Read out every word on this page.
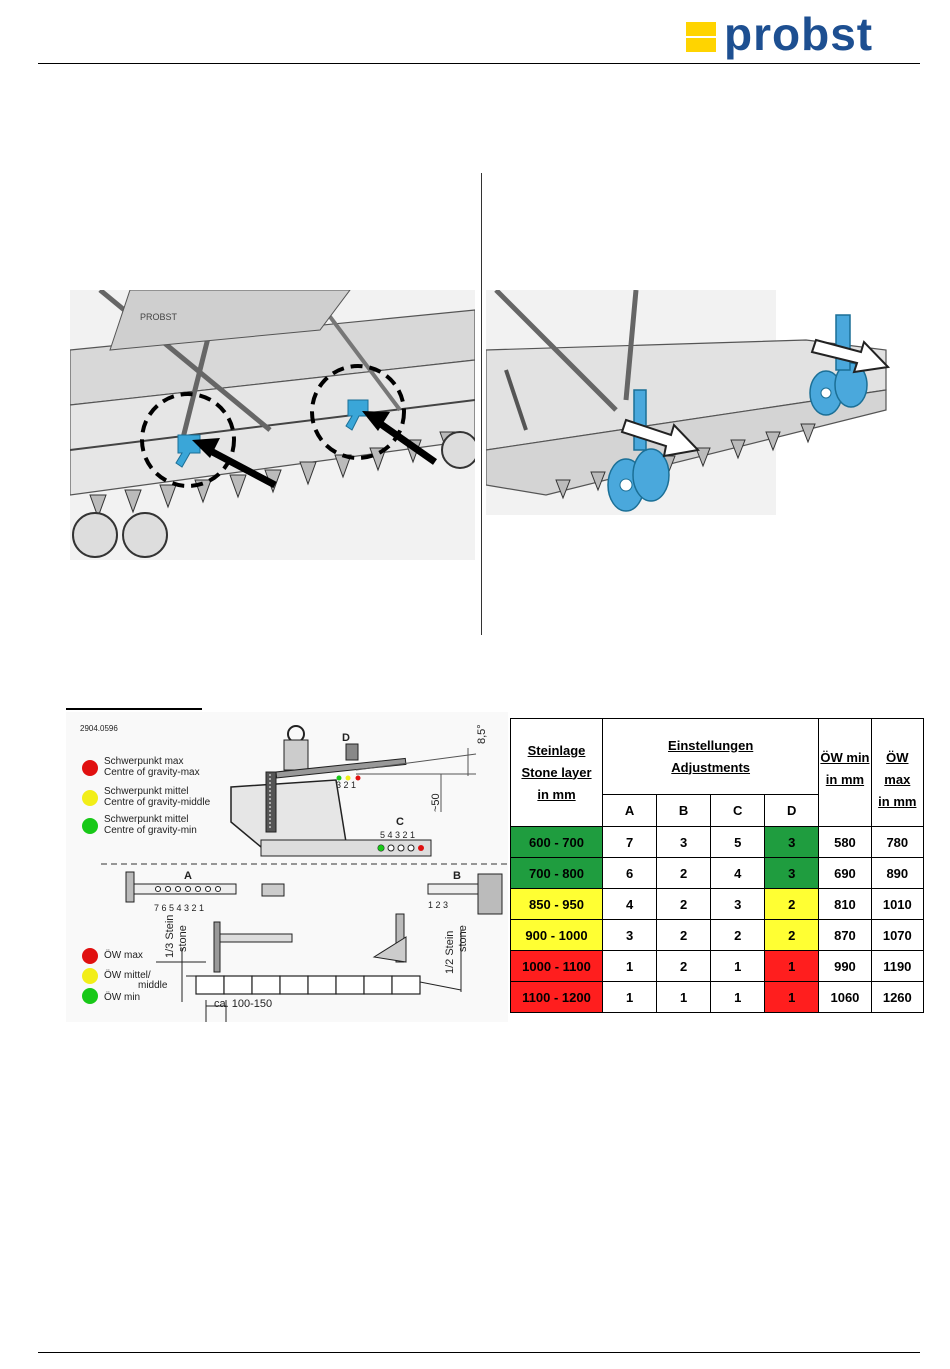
probst
PROBST
2904.0596
Schwerpunkt max
Centre of gravity-max
Schwerpunkt mittel
Centre of gravity-middle
Schwerpunkt mittel
Centre of gravity-min
D
3 2 1
8,5°
~50
C
5 4 3 2 1
A
7 6 5 4 3 2 1
B
1 2 3
1/3 Stein stone	1/2 Stein stone
ca. 100-150
ÖW max
ÖW mittel/
middle
ÖW min
Steinlage
Stone layer
in mm	Einstellungen
Adjustments				ÖW min
in mm	ÖW max
in mm

	A	B	C	D		
600 - 700	7	3	5	3	580	780
700 - 800	6	2	4	3	690	890
850 - 950	4	2	3	2	810	1010
900 - 1000	3	2	2	2	870	1070
1000 - 1100	1	2	1	1	990	1190
1100 - 1200	1	1	1	1	1060	1260
